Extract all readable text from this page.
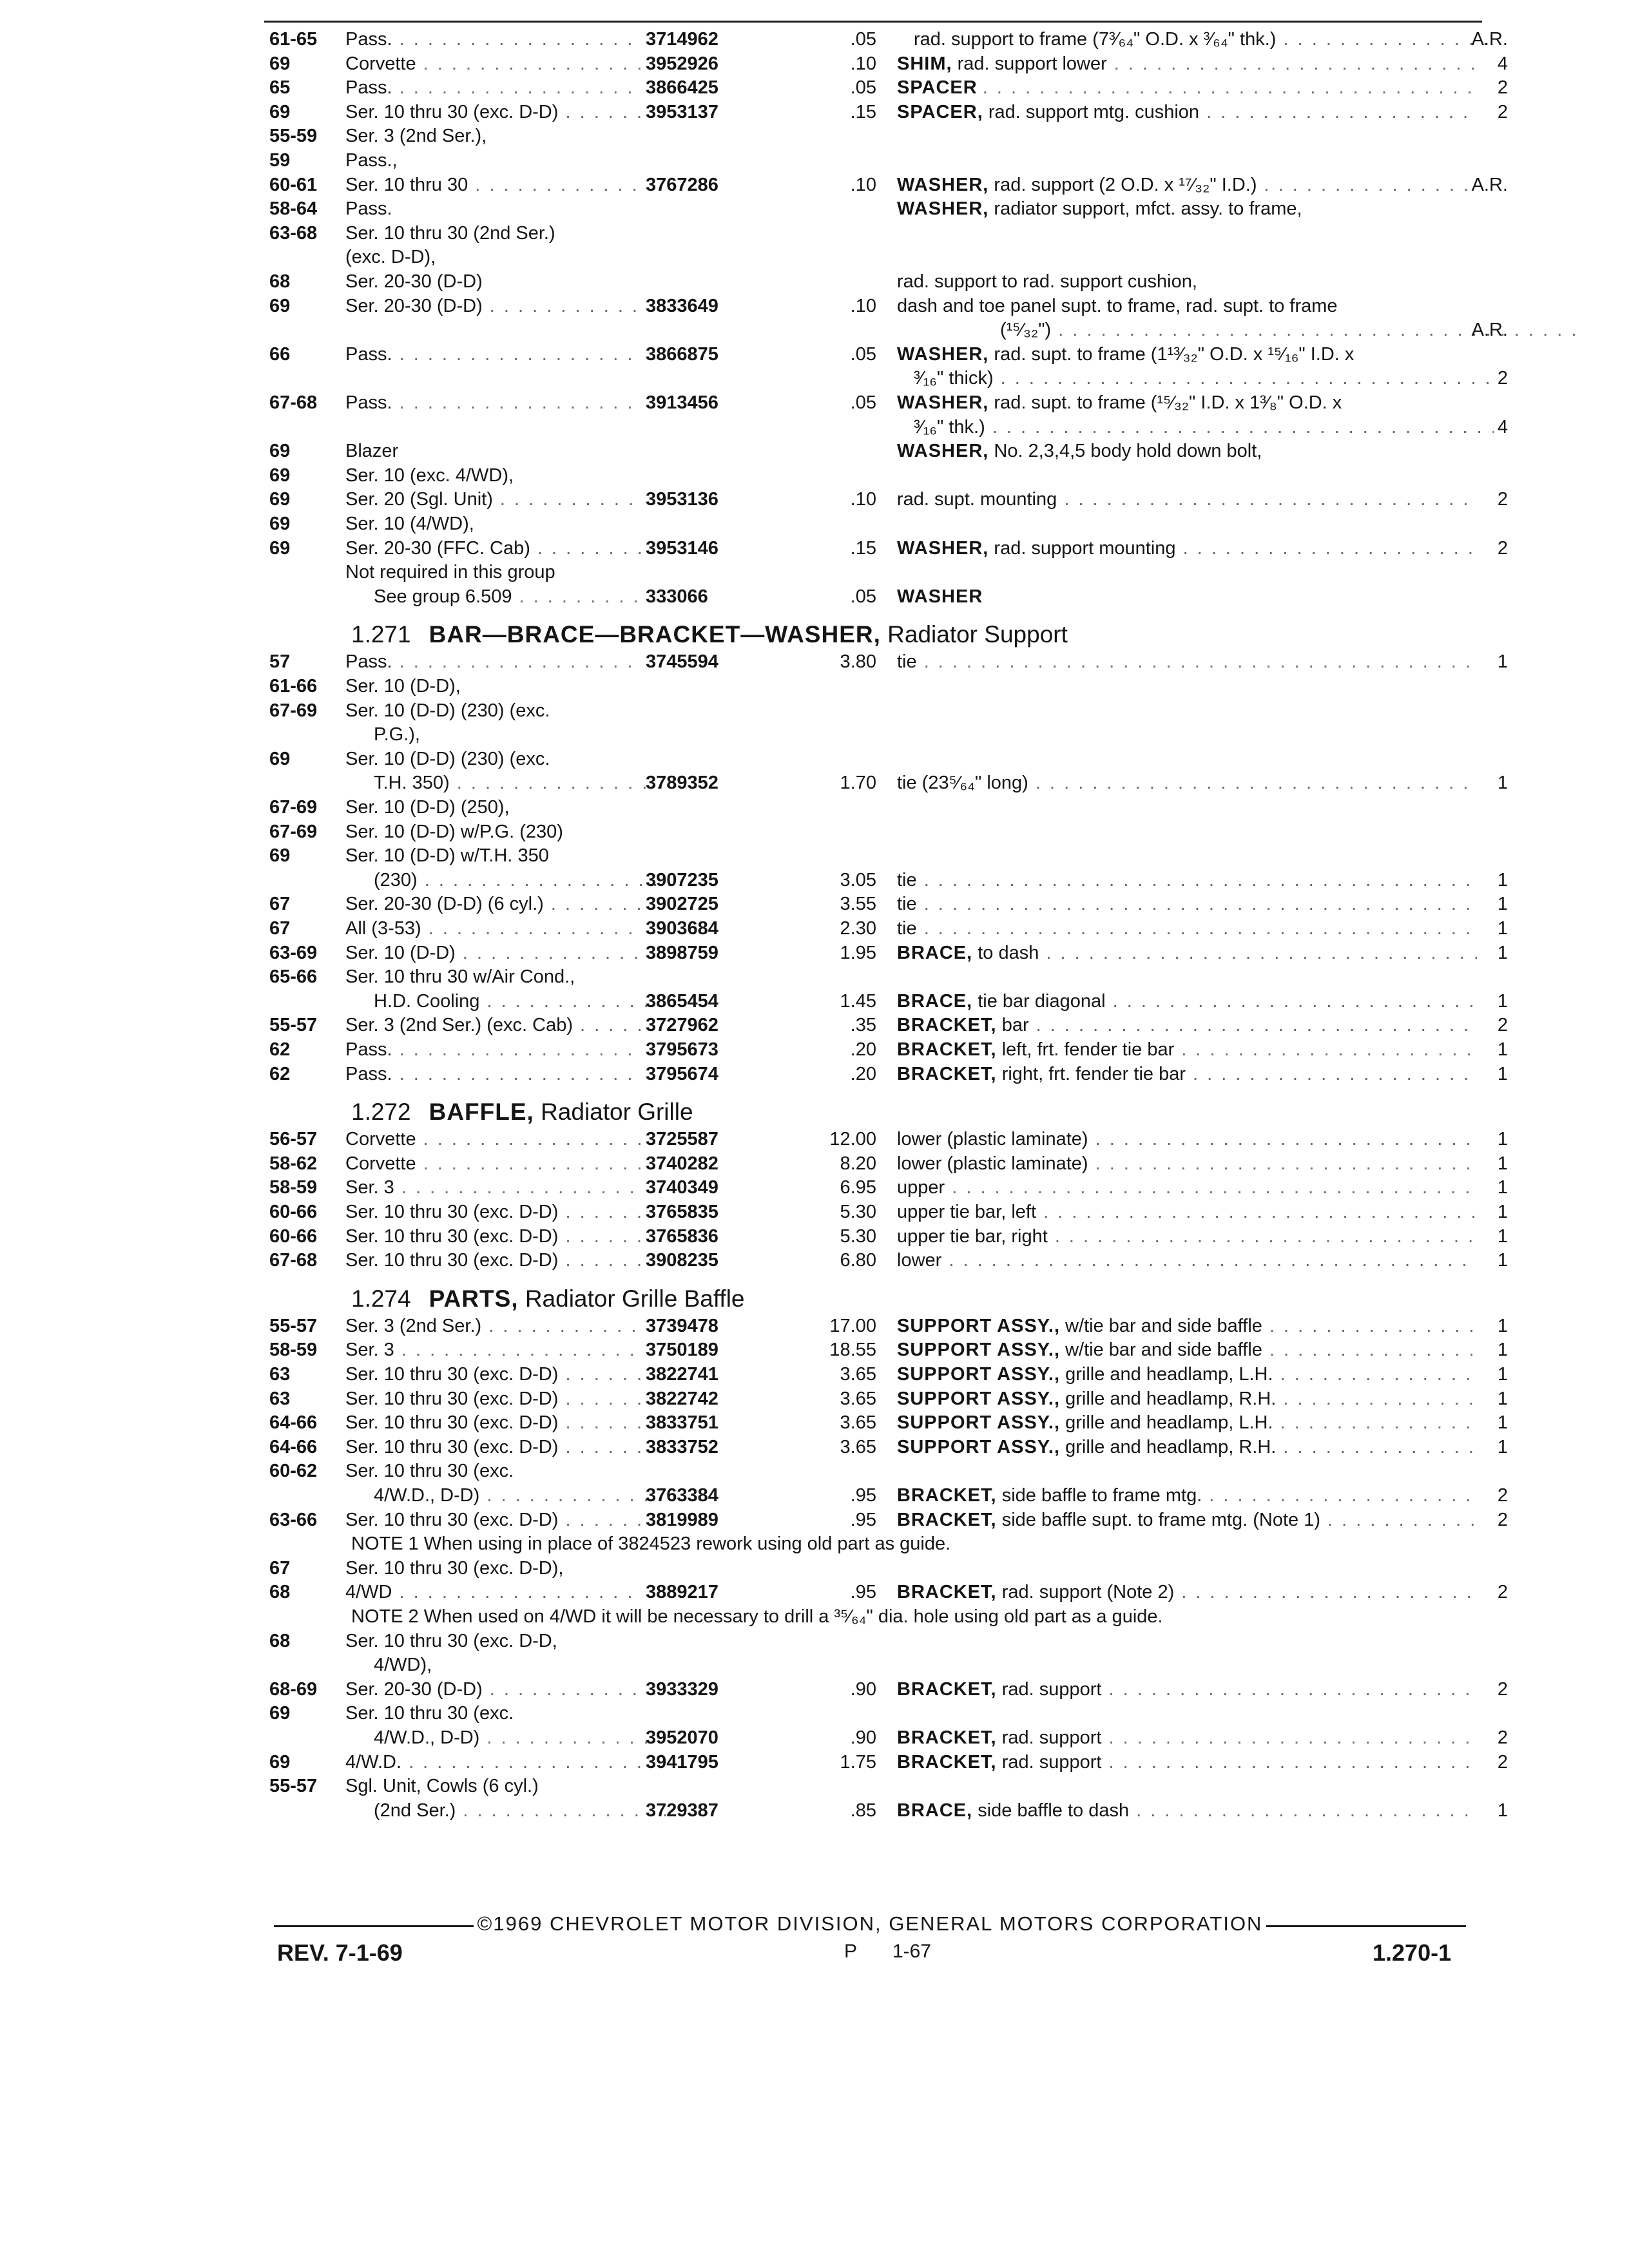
61-65 Pass. . . .	3714962	.05	rad. support to frame (7³⁄₆₄" O.D. x ³⁄₆₄" thk.) . . .	A.R.
69	Corvette . . .	3952926	.10 SHIM, rad. support lower . . .	4
65	Pass. . . .	3866425	.05 SPACER . . .	2
69	Ser. 10 thru 30 (exc. D-D) . . .	3953137	.15 SPACER, rad. support mtg. cushion . . .	2
55-59 Ser. 3 (2nd Ser.),
59	Pass.,
60-61 Ser. 10 thru 30 . . .	3767286	.10 WASHER, rad. support (2 O.D. x ¹⁷⁄₃₂" I.D.) . . .	A.R.
58-64 Pass.	WASHER, radiator support, mfct. assy. to frame,
63-68 Ser. 10 thru 30 (2nd Ser.)
(exc. D-D),
68	Ser. 20-30 (D-D)	rad. support to rad. support cushion,
69	Ser. 20-30 (D-D) . . .	3833649	.10 dash and toe panel supt. to frame, rad. supt. to frame
(¹⁵⁄₃₂") . . .	A.R.
66	Pass. . . .	3866875	.05 WASHER, rad. supt. to frame (1¹³⁄₃₂" O.D. x ¹⁵⁄₁₆" I.D. x
³⁄₁₆" thick) . . .	2
67-68 Pass. . . .	3913456	.05 WASHER, rad. supt. to frame (¹⁵⁄₃₂" I.D. x 1³⁄₈" O.D. x
³⁄₁₆" thk.) . . .	4
69	Blazer	WASHER, No. 2,3,4,5 body hold down bolt,
69	Ser. 10 (exc. 4/WD),
69	Ser. 20 (Sgl. Unit) . . .	3953136	.10 rad. supt. mounting . . .	2
69	Ser. 10 (4/WD),
69	Ser. 20-30 (FFC. Cab) . . .	3953146	.15 WASHER, rad. support mounting . . .	2
Not required in this group
See group 6.509 . . .	333066	.05 WASHER
1.271 BAR—BRACE—BRACKET—WASHER, Radiator Support
57	Pass. . . .	3745594	3.80 tie . . .	1
61-66 Ser. 10 (D-D),
67-69 Ser. 10 (D-D) (230) (exc.
P.G.),
69	Ser. 10 (D-D) (230) (exc.
T.H. 350) . . .	3789352	1.70 tie (23⁵⁄₆₄" long) . . .	1
67-69 Ser. 10 (D-D) (250),
67-69 Ser. 10 (D-D) w/P.G. (230)
69	Ser. 10 (D-D) w/T.H. 350
(230) . . .	3907235	3.05 tie . . .	1
67	Ser. 20-30 (D-D) (6 cyl.) . . .	3902725	3.55 tie . . .	1
67	All (3-53) . . .	3903684	2.30 tie . . .	1
63-69 Ser. 10 (D-D) . . .	3898759	1.95 BRACE, to dash . . .	1
65-66 Ser. 10 thru 30 w/Air Cond.,
H.D. Cooling . . .	3865454	1.45 BRACE, tie bar diagonal . . .	1
55-57 Ser. 3 (2nd Ser.) (exc. Cab) . . .	3727962	.35 BRACKET, bar . . .	2
62	Pass. . . .	3795673	.20 BRACKET, left, frt. fender tie bar . . .	1
62	Pass. . . .	3795674	.20 BRACKET, right, frt. fender tie bar . . .	1
1.272 BAFFLE, Radiator Grille
56-57 Corvette . . .	3725587	12.00 lower (plastic laminate) . . .	1
58-62 Corvette . . .	3740282	8.20 lower (plastic laminate) . . .	1
58-59 Ser. 3 . . .	3740349	6.95 upper . . .	1
60-66 Ser. 10 thru 30 (exc. D-D) . . .	3765835	5.30 upper tie bar, left . . .	1
60-66 Ser. 10 thru 30 (exc. D-D) . . .	3765836	5.30 upper tie bar, right . . .	1
67-68 Ser. 10 thru 30 (exc. D-D) . . .	3908235	6.80 lower . . .	1
1.274 PARTS, Radiator Grille Baffle
55-57 Ser. 3 (2nd Ser.) . . .	3739478	17.00 SUPPORT ASSY., w/tie bar and side baffle . . .	1
58-59 Ser. 3 . . .	3750189	18.55 SUPPORT ASSY., w/tie bar and side baffle . . .	1
63	Ser. 10 thru 30 (exc. D-D) . . .	3822741	3.65 SUPPORT ASSY., grille and headlamp, L.H. . . .	1
63	Ser. 10 thru 30 (exc. D-D) . . .	3822742	3.65 SUPPORT ASSY., grille and headlamp, R.H. . . .	1
64-66 Ser. 10 thru 30 (exc. D-D) . . .	3833751	3.65 SUPPORT ASSY., grille and headlamp, L.H. . . .	1
64-66 Ser. 10 thru 30 (exc. D-D) . . .	3833752	3.65 SUPPORT ASSY., grille and headlamp, R.H. . . .	1
60-62 Ser. 10 thru 30 (exc.
4/W.D., D-D) . . .	3763384	.95 BRACKET, side baffle to frame mtg. . . .	2
63-66 Ser. 10 thru 30 (exc. D-D) . . .	3819989	.95 BRACKET, side baffle supt. to frame mtg. (Note 1) . . .	2
NOTE 1 When using in place of 3824523 rework using old part as guide.
67	Ser. 10 thru 30 (exc. D-D),
68	4/WD . . .	3889217	.95 BRACKET, rad. support (Note 2) . . .	2
NOTE 2 When used on 4/WD it will be necessary to drill a ³⁵⁄₆₄" dia. hole using old part as a guide.
68	Ser. 10 thru 30 (exc. D-D,
4/WD),
68-69 Ser. 20-30 (D-D) . . .	3933329	.90 BRACKET, rad. support . . .	2
69	Ser. 10 thru 30 (exc.
4/W.D., D-D) . . .	3952070	.90 BRACKET, rad. support . . .	2
69	4/W.D. . . .	3941795	1.75 BRACKET, rad. support . . .	2
55-57 Sgl. Unit, Cowls (6 cyl.)
(2nd Ser.) . . .	3729387	.85 BRACE, side baffle to dash . . .	1
©1969 CHEVROLET MOTOR DIVISION, GENERAL MOTORS CORPORATION
REV. 7-1-69	P 1-67	1.270-1
